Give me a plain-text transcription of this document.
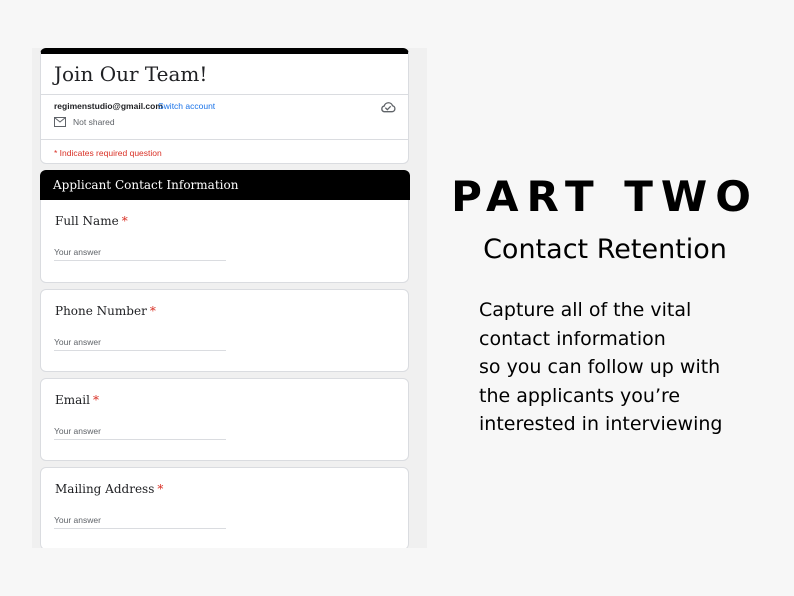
Join Our Team!
regimenstudio@gmail.com
Switch account
Not shared
* Indicates required question
Applicant Contact Information
Full Name *
Your answer
Phone Number *
Your answer
Email *
Your answer
Mailing Address *
Your answer
PART TWO
Contact Retention
Capture all of the vital
contact information
so you can follow up with
the applicants you’re
interested in interviewing
